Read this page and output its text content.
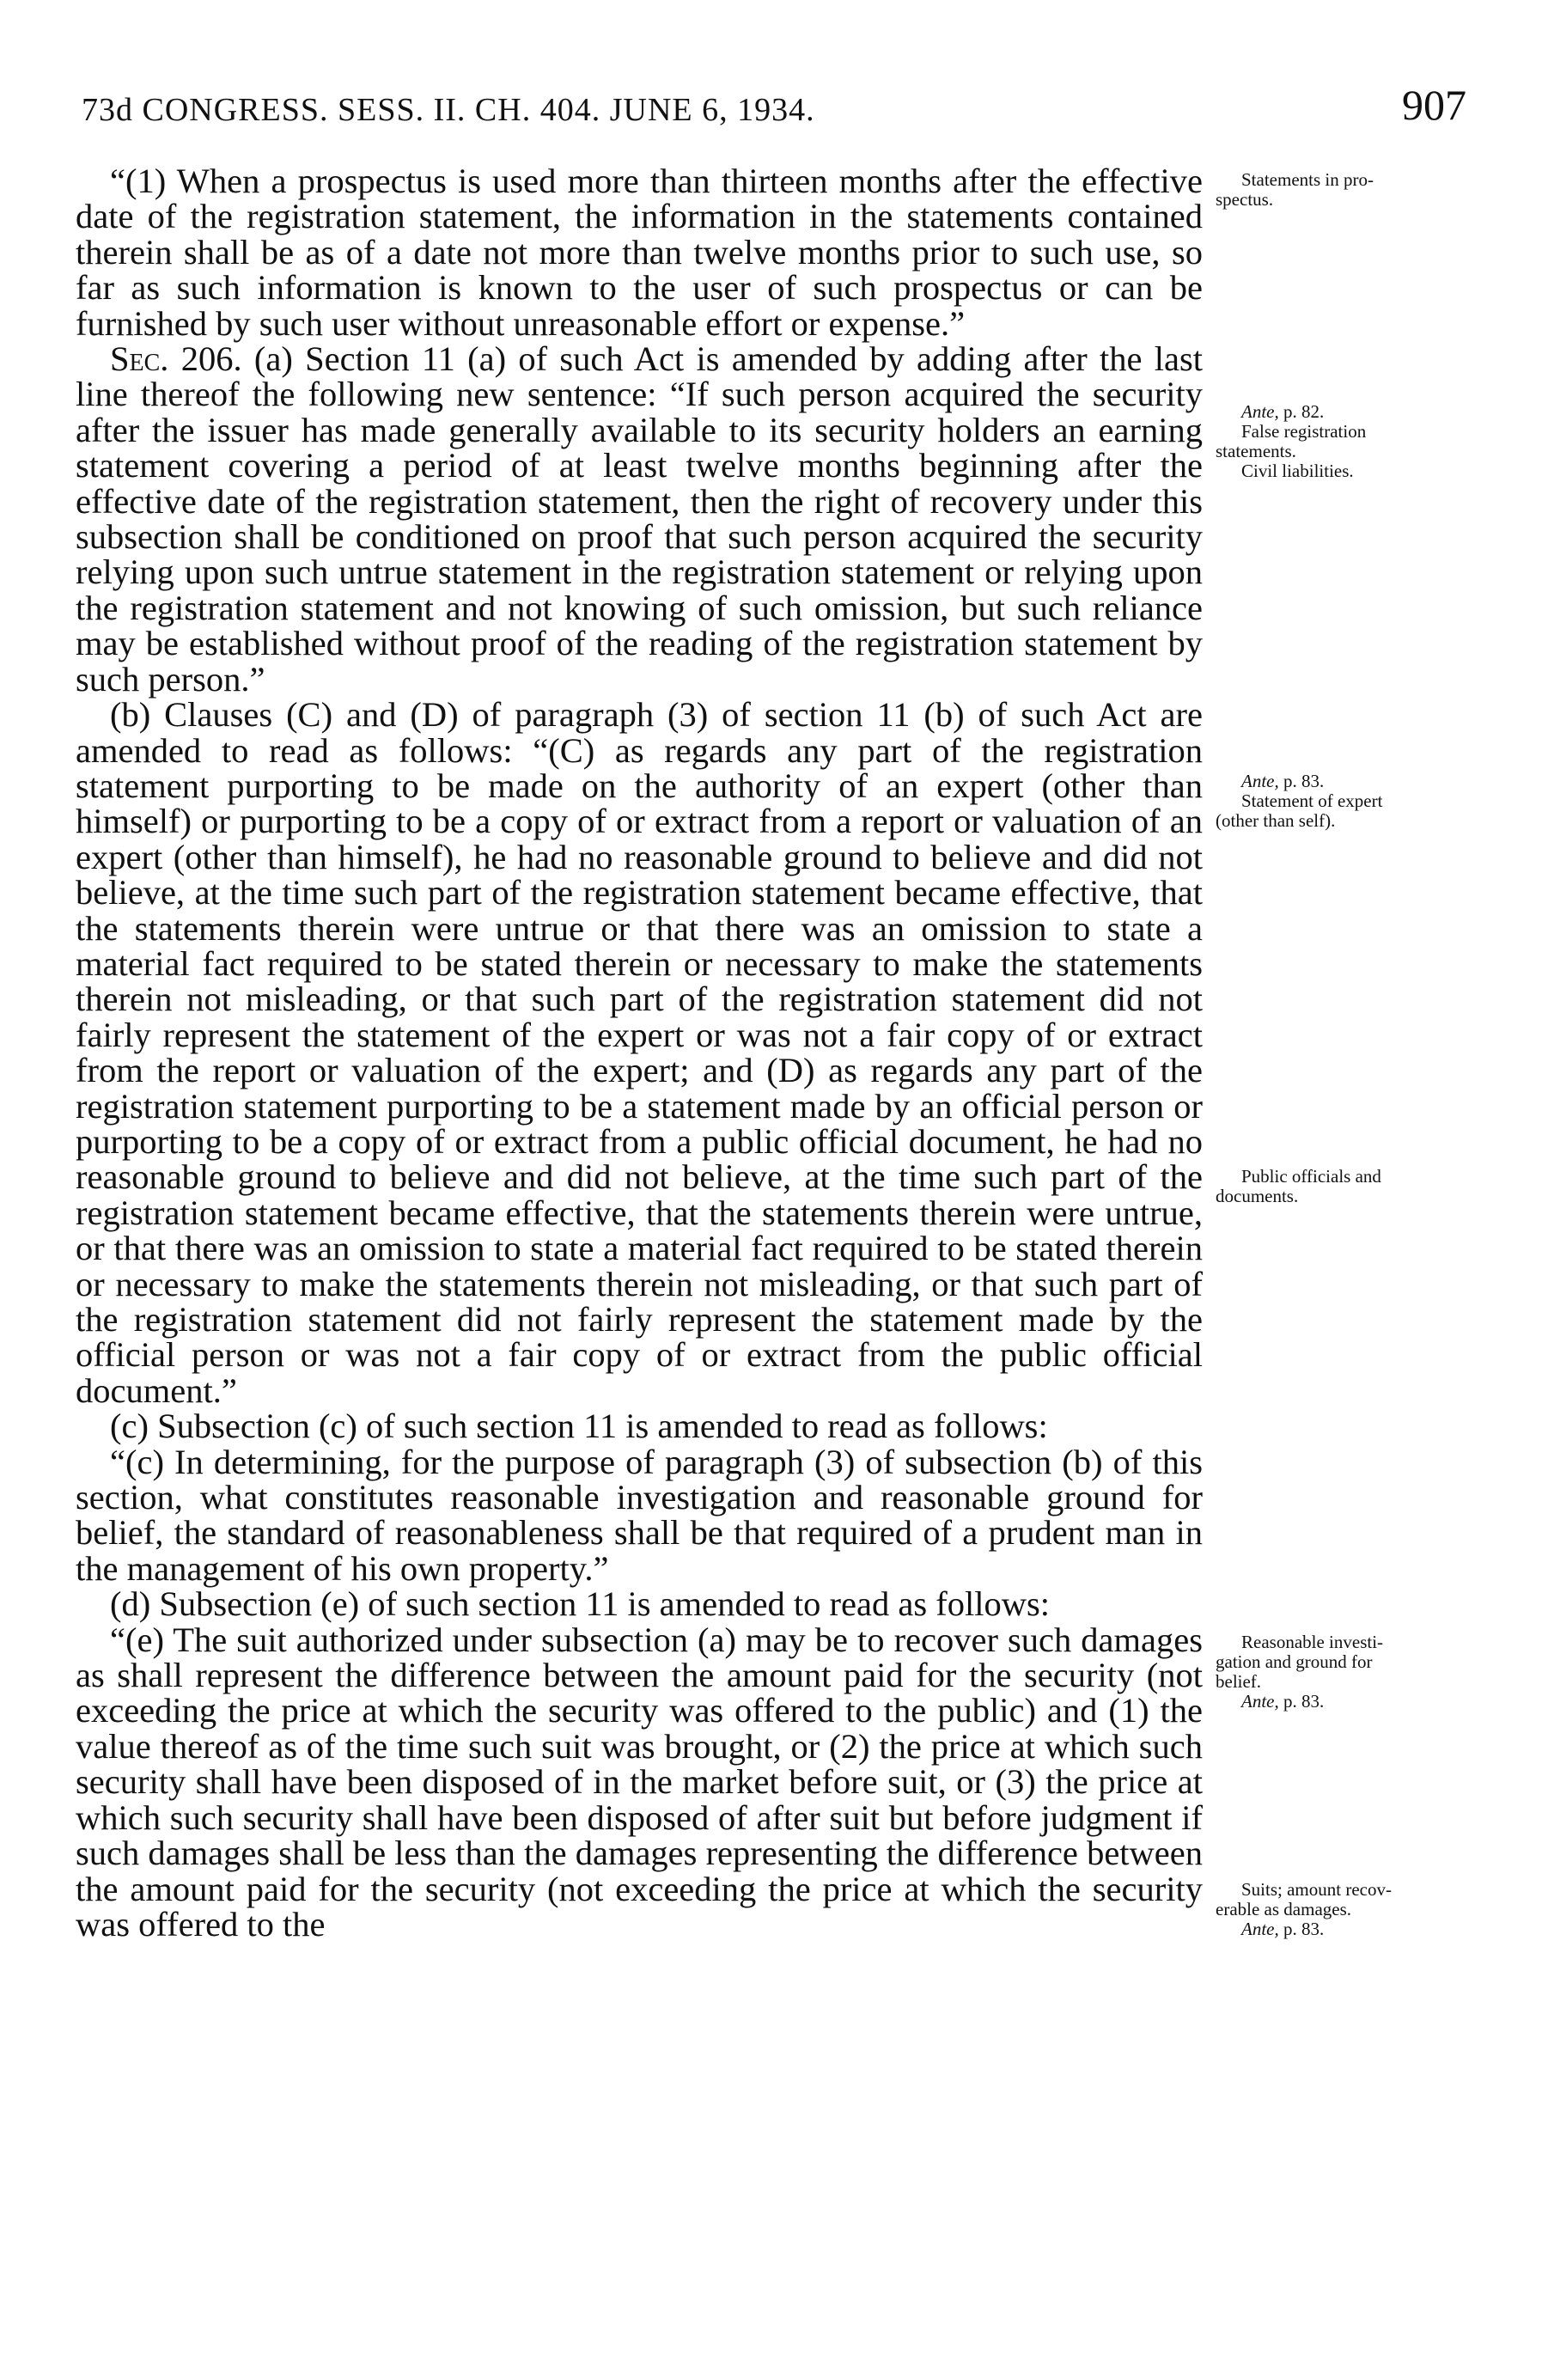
73d CONGRESS. SESS. II. CH. 404. JUNE 6, 1934.	907

“(1) When a prospectus is used more than thirteen months after the effective date of the registration statement, the information in the statements contained therein shall be as of a date not more than twelve months prior to such use, so far as such information is known to the user of such prospectus or can be furnished by such user without unreasonable effort or expense.”

Sec. 206. (a) Section 11 (a) of such Act is amended by adding after the last line thereof the following new sentence: “If such person acquired the security after the issuer has made generally available to its security holders an earning statement covering a period of at least twelve months beginning after the effective date of the registration statement, then the right of recovery under this subsection shall be conditioned on proof that such person acquired the security relying upon such untrue statement in the registration statement or relying upon the registration statement and not knowing of such omission, but such reliance may be established without proof of the reading of the registration statement by such person.”

(b) Clauses (C) and (D) of paragraph (3) of section 11 (b) of such Act are amended to read as follows: “(C) as regards any part of the registration statement purporting to be made on the authority of an expert (other than himself) or purporting to be a copy of or extract from a report or valuation of an expert (other than himself), he had no reasonable ground to believe and did not believe, at the time such part of the registration statement became effective, that the statements therein were untrue or that there was an omission to state a material fact required to be stated therein or necessary to make the statements therein not misleading, or that such part of the registration statement did not fairly represent the statement of the expert or was not a fair copy of or extract from the report or valuation of the expert; and (D) as regards any part of the registration statement purporting to be a statement made by an official person or purporting to be a copy of or extract from a public official document, he had no reasonable ground to believe and did not believe, at the time such part of the registration statement became effective, that the statements therein were untrue, or that there was an omission to state a material fact required to be stated therein or necessary to make the statements therein not misleading, or that such part of the registration statement did not fairly represent the statement made by the official person or was not a fair copy of or extract from the public official document.”

(c) Subsection (c) of such section 11 is amended to read as follows:

“(c) In determining, for the purpose of paragraph (3) of subsection (b) of this section, what constitutes reasonable investigation and reasonable ground for belief, the standard of reasonableness shall be that required of a prudent man in the management of his own property.”

(d) Subsection (e) of such section 11 is amended to read as follows:

“(e) The suit authorized under subsection (a) may be to recover such damages as shall represent the difference between the amount paid for the security (not exceeding the price at which the security was offered to the public) and (1) the value thereof as of the time such suit was brought, or (2) the price at which such security shall have been disposed of in the market before suit, or (3) the price at which such security shall have been disposed of after suit but before judgment if such damages shall be less than the damages representing the difference between the amount paid for the security (not exceeding the price at which the security was offered to the

Statements in pro-
spectus.
Ante, p. 82.
False registration
statements.
Civil liabilities.
Ante, p. 83.
Statement of expert
(other than self).
Public officials and
documents.
Reasonable investi-
gation and ground for
belief.
Ante, p. 83.
Suits; amount recov-
erable as damages.
Ante, p. 83.
